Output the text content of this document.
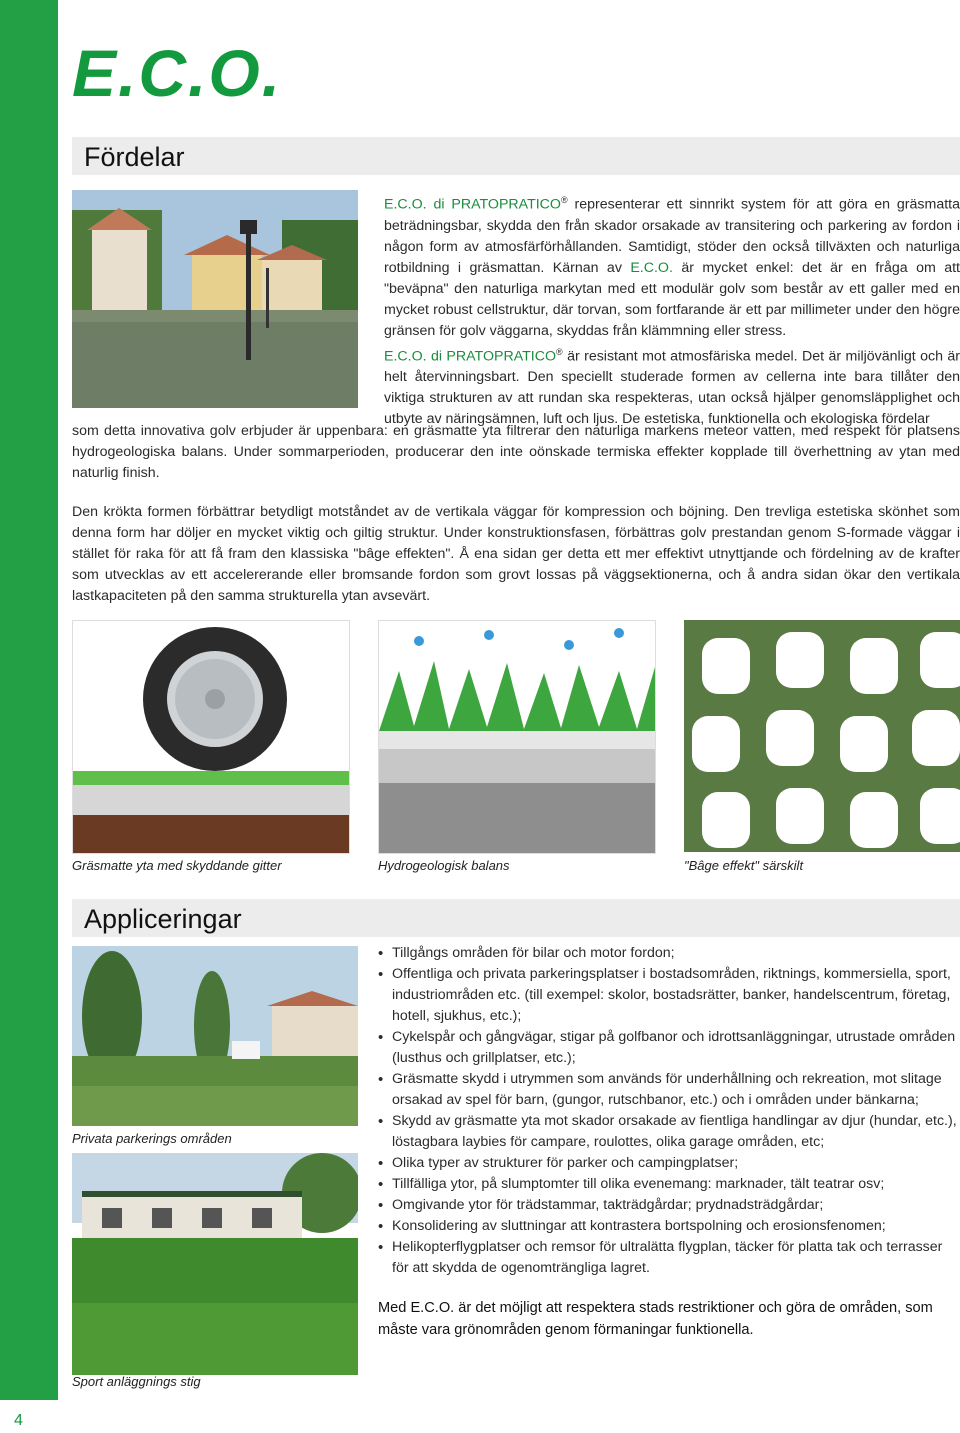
E.C.O.
Fördelar

E.C.O. di PRATOPRATICO® representerar ett sinnrikt system för att göra en gräsmatta beträdningsbar, skydda den från skador orsakade av transitering och parkering av fordon i någon form av atmosfärförhållanden. Samtidigt, stöder den också tillväxten och naturliga rotbildning i gräsmattan. Kärnan av E.C.O. är mycket enkel: det är en fråga om att "beväpna" den naturliga markytan med ett modulär golv som består av ett galler med en mycket robust cellstruktur, där torvan, som fortfarande är ett par millimeter under den högre gränsen för golv väggarna, skyddas från klämmning eller stress.
E.C.O. di PRATOPRATICO® är resistant mot atmosfäriska medel. Det är miljövänligt och är helt återvinningsbart. Den speciellt studerade formen av cellerna inte bara tillåter den viktiga strukturen av att rundan ska respekteras, utan också hjälper genomsläpplighet och utbyte av näringsämnen, luft och ljus. De estetiska, funktionella och ekologiska fördelar

som detta innovativa golv erbjuder är uppenbara: en gräsmatte yta filtrerar den naturliga markens meteor vatten, med respekt för platsens hydrogeologiska balans. Under sommarperioden, producerar den inte oönskade termiska effekter kopplade till överhettning av ytan med naturlig finish.

Den krökta formen förbättrar betydligt motståndet av de vertikala väggar för kompression och böjning. Den trevliga estetiska skönhet som denna form har döljer en mycket viktig och giltig struktur. Under konstruktionsfasen, förbättras golv prestandan genom S-formade väggar i stället för raka för att få fram den klassiska "bâge effekten". Å ena sidan ger detta ett mer effektivt utnyttjande och fördelning av de krafter som utvecklas av ett accelererande eller bromsande fordon som grovt lossas på väggsektionerna, och å andra sidan ökar den vertikala lastkapaciteten på den samma strukturella ytan avsevärt.

Gräsmatte yta med skyddande gitter	Hydrogeologisk balans	"Bâge effekt" särskilt
Appliceringar
Privata parkerings områden
Sport anläggnings stig
• Tillgångs områden för bilar och motor fordon;
• Offentliga och privata parkeringsplatser i bostadsområden, riktnings, kommersiella, sport, industriområden etc. (till exempel: skolor, bostadsrätter, banker, handelscentrum, företag, hotell, sjukhus, etc.);
• Cykelspår och gångvägar, stigar på golfbanor och idrottsanläggningar, utrustade områden (lusthus och grillplatser, etc.);
• Gräsmatte skydd i utrymmen som används för underhållning och rekreation, mot slitage orsakad av spel för barn, (gungor, rutschbanor, etc.) och i områden under bänkarna;
• Skydd av gräsmatte yta mot skador orsakade av fientliga handlingar av djur (hundar, etc.), löstagbara laybies för campare, roulottes, olika garage områden, etc;
• Olika typer av strukturer för parker och campingplatser;
• Tillfälliga ytor, på slumptomter till olika evenemang: marknader, tält teatrar osv;
• Omgivande ytor för trädstammar, takträdgårdar; prydnadsträdgårdar;
• Konsolidering av sluttningar att kontrastera bortspolning och erosionsfenomen;
• Helikopterflygplatser och remsor för ultralätta flygplan, täcker för platta tak och terrasser för att skydda de ogenomträngliga lagret.
Med E.C.O. är det möjligt att respektera stads restriktioner och göra de områden, som måste vara grönområden genom förmaningar funktionella.
4
